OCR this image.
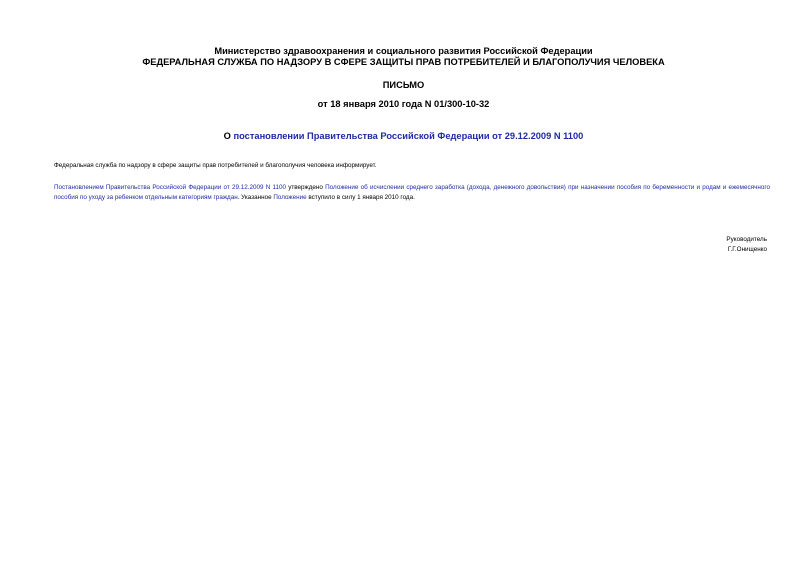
Министерство здравоохранения и социального развития Российской Федерации
ФЕДЕРАЛЬНАЯ СЛУЖБА ПО НАДЗОРУ В СФЕРЕ ЗАЩИТЫ ПРАВ ПОТРЕБИТЕЛЕЙ И БЛАГОПОЛУЧИЯ ЧЕЛОВЕКА
ПИСЬМО
от 18 января 2010 года N 01/300-10-32
О постановлении Правительства Российской Федерации от 29.12.2009 N 1100
Федеральная служба по надзору в сфере защиты прав потребителей и благополучия человека информирует.
Постановлением Правительства Российской Федерации от 29.12.2009 N 1100 утверждено Положение об исчислении среднего заработка (дохода, денежного довольствия) при назначении пособия по беременности и родам и ежемесячного пособия по уходу за ребенком отдельным категориям граждан. Указанное Положение вступило в силу 1 января 2010 года.
Руководитель
Г.Г.Онищенко
